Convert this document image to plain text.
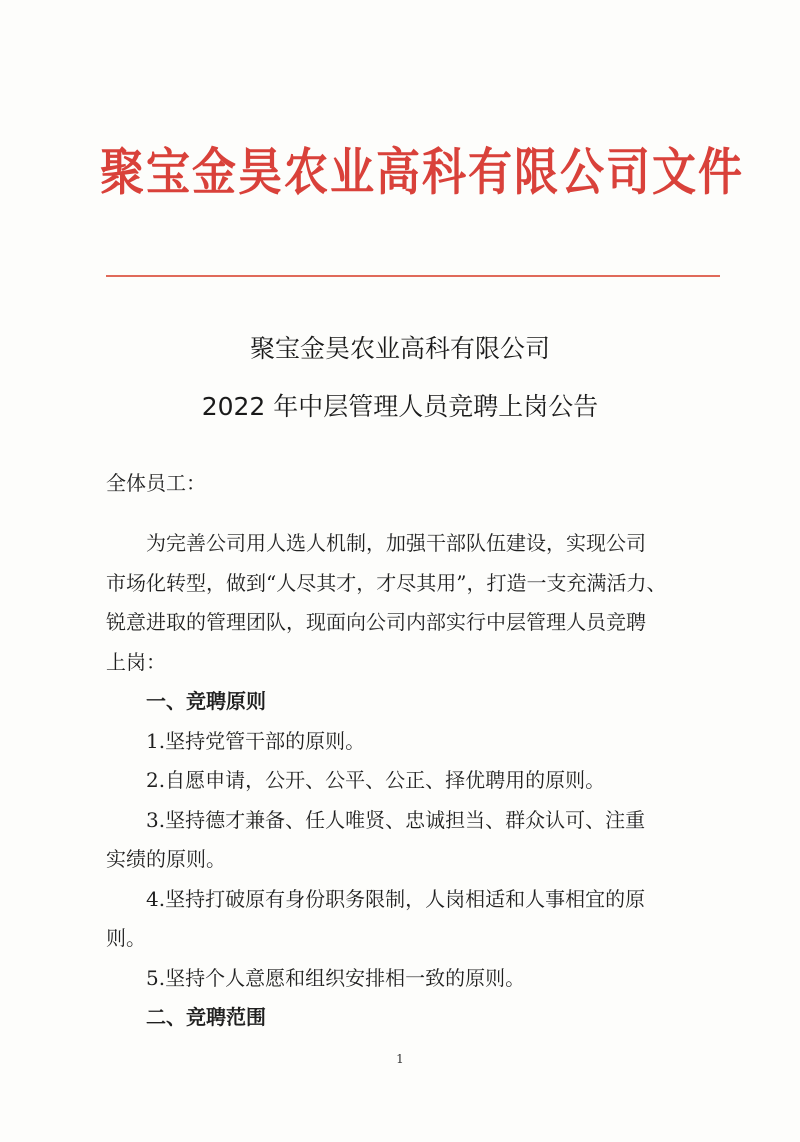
聚宝金昊农业高科有限公司文件
聚宝金昊农业高科有限公司
2022 年中层管理人员竞聘上岗公告
全体员工：
为完善公司用人选人机制，加强干部队伍建设，实现公司
市场化转型，做到“人尽其才，才尽其用”，打造一支充满活力、
锐意进取的管理团队，现面向公司内部实行中层管理人员竞聘
上岗：
一、竞聘原则
1.坚持党管干部的原则。
2.自愿申请，公开、公平、公正、择优聘用的原则。
3.坚持德才兼备、任人唯贤、忠诚担当、群众认可、注重
实绩的原则。
4.坚持打破原有身份职务限制，人岗相适和人事相宜的原
则。
5.坚持个人意愿和组织安排相一致的原则。
二、竞聘范围
1
